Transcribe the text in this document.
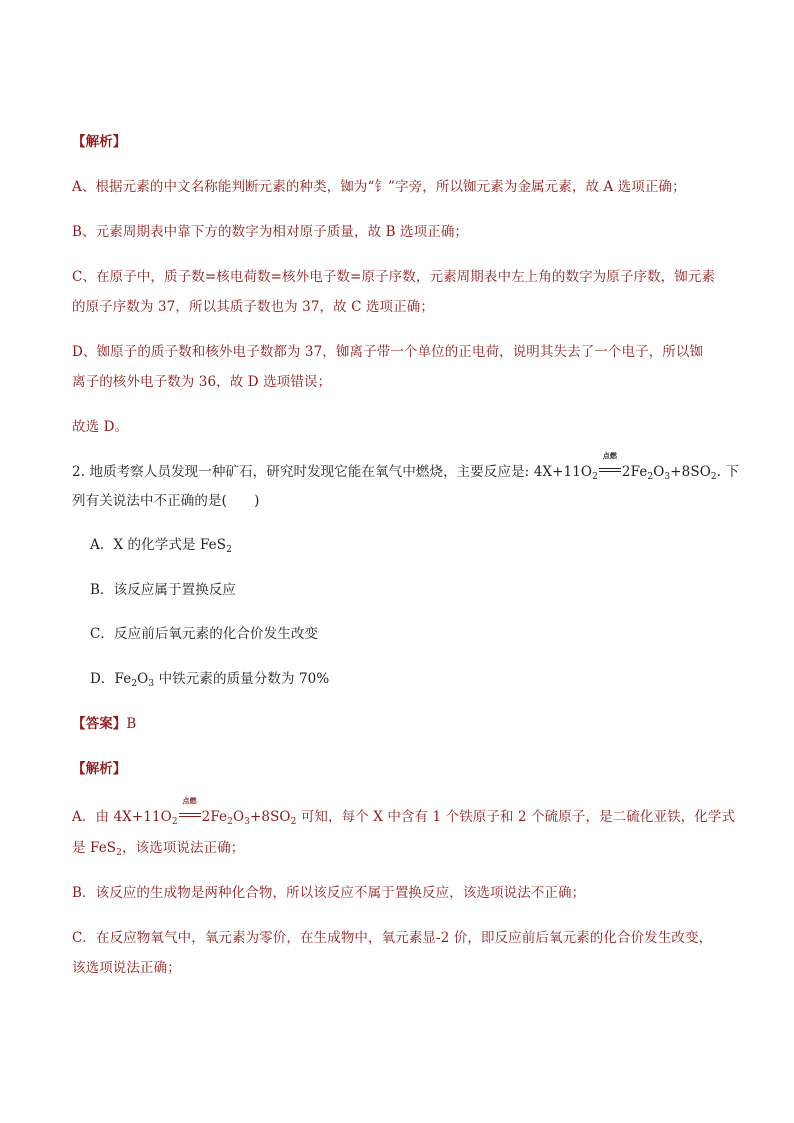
【解析】
A、根据元素的中文名称能判断元素的种类，铷为“钅”字旁，所以铷元素为金属元素，故 A 选项正确；
B、元素周期表中靠下方的数字为相对原子质量，故 B 选项正确；
C、在原子中，质子数=核电荷数=核外电子数=原子序数，元素周期表中左上角的数字为原子序数，铷元素
的原子序数为 37，所以其质子数也为 37，故 C 选项正确；
D、铷原子的质子数和核外电子数都为 37，铷离子带一个单位的正电荷，说明其失去了一个电子，所以铷
离子的核外电子数为 36，故 D 选项错误；
故选 D。
2. 地质考察人员发现一种矿石，研究时发现它能在氧气中燃烧，主要反应是: $4X+11O_2$
点燃
$2Fe_2O_3+8SO_2$. 下
列有关说法中不正确的是(　　)
A．X 的化学式是 FeS$_2$
B．该反应属于置换反应
C．反应前后氧元素的化合价发生改变
D．$Fe_2O_3$ 中铁元素的质量分数为 70%
【答案】B
【解析】
A．由 $4X+11O_2$
点燃
$2Fe_2O_3+8SO_2$ 可知，每个 X 中含有 1 个铁原子和 2 个硫原子，是二硫化亚铁，化学式
是 FeS$_2$，该选项说法正确；
B．该反应的生成物是两种化合物，所以该反应不属于置换反应，该选项说法不正确；
C．在反应物氧气中，氧元素为零价，在生成物中，氧元素显-2 价，即反应前后氧元素的化合价发生改变，
该选项说法正确；
